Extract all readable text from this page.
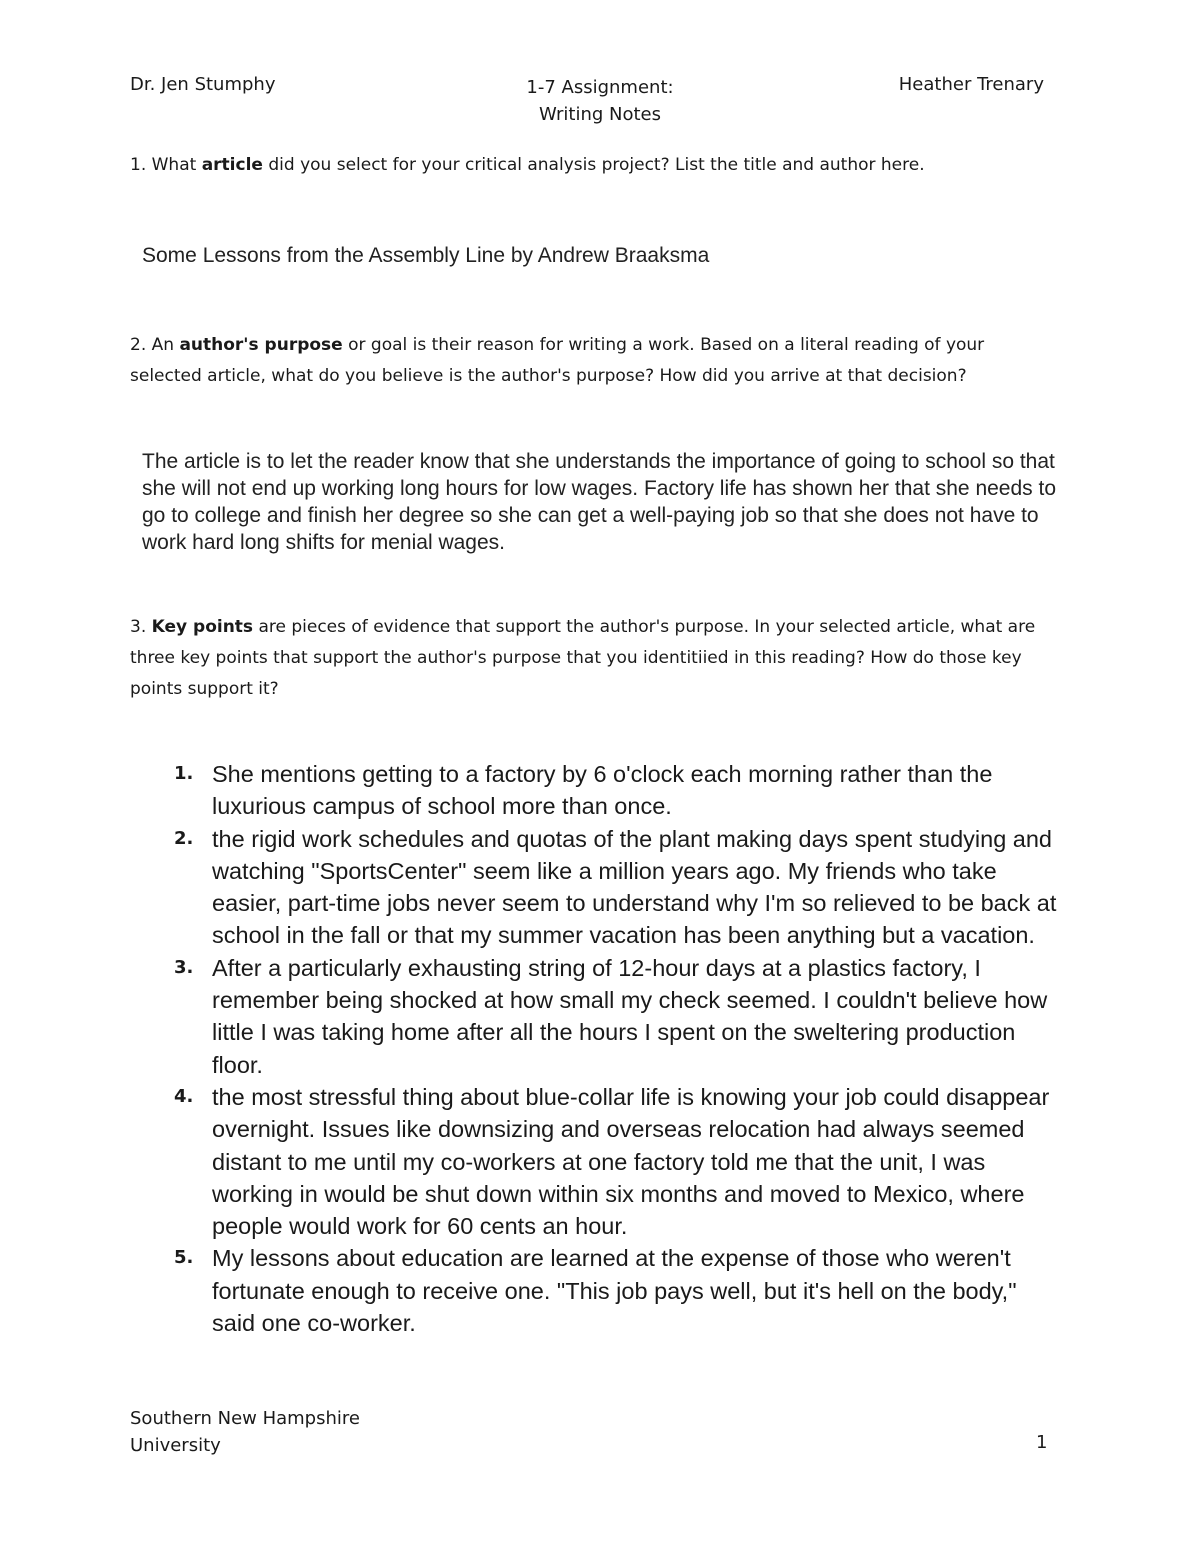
Dr. Jen Stumphy	1-7 Assignment:
Writing Notes
Heather Trenary
1. What article did you select for your critical analysis project? List the title and author here.
Some Lessons from the Assembly Line by Andrew Braaksma
2. An author's purpose or goal is their reason for writing a work. Based on a literal reading of your selected article, what do you believe is the author's purpose? How did you arrive at that decision?
The article is to let the reader know that she understands the importance of going to school so that she will not end up working long hours for low wages. Factory life has shown her that she needs to go to college and finish her degree so she can get a well-paying job so that she does not have to work hard long shifts for menial wages.
3. Key points are pieces of evidence that support the author's purpose. In your selected article, what are three key points that support the author's purpose that you identitiied in this reading? How do those key points support it?
1. She mentions getting to a factory by 6 o'clock each morning rather than the luxurious campus of school more than once.
2. the rigid work schedules and quotas of the plant making days spent studying and watching "SportsCenter" seem like a million years ago. My friends who take easier, part-time jobs never seem to understand why I'm so relieved to be back at school in the fall or that my summer vacation has been anything but a vacation.
3. After a particularly exhausting string of 12-hour days at a plastics factory, I remember being shocked at how small my check seemed. I couldn't believe how little I was taking home after all the hours I spent on the sweltering production floor.
4. the most stressful thing about blue-collar life is knowing your job could disappear overnight. Issues like downsizing and overseas relocation had always seemed distant to me until my co-workers at one factory told me that the unit, I was working in would be shut down within six months and moved to Mexico, where people would work for 60 cents an hour.
5. My lessons about education are learned at the expense of those who weren't fortunate enough to receive one. "This job pays well, but it's hell on the body," said one co-worker.
Southern New Hampshire
University	1
